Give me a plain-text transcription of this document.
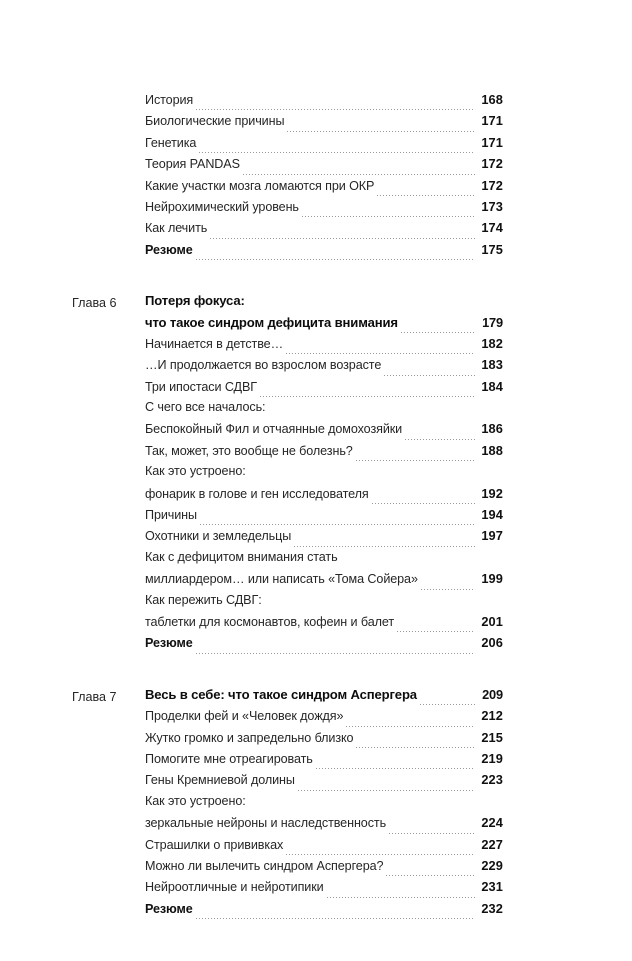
История	168
Биологические причины	171
Генетика	171
Теория PANDAS	172
Какие участки мозга ломаются при ОКР	172
Нейрохимический уровень	173
Как лечить	174
Резюме	175
Глава 6	Потеря фокуса:
что такое синдром дефицита внимания	179
Начинается в детстве…	182
…И продолжается во взрослом возрасте	183
Три ипостаси СДВГ	184
С чего все началось:
Беспокойный Фил и отчаянные домохозяйки	186
Так, может, это вообще не болезнь?	188
Как это устроено:
фонарик в голове и ген исследователя	192
Причины	194
Охотники и земледельцы	197
Как с дефицитом внимания стать
миллиардером… или написать «Тома Сойера»	199
Как пережить СДВГ:
таблетки для космонавтов, кофеин и балет	201
Резюме	206
Глава 7	Весь в себе: что такое синдром Аспергера	209
Проделки фей и «Человек дождя»	212
Жутко громко и запредельно близко	215
Помогите мне отреагировать	219
Гены Кремниевой долины	223
Как это устроено:
зеркальные нейроны и наследственность	224
Страшилки о прививках	227
Можно ли вылечить синдром Аспергера?	229
Нейроотличные и нейротипики	231
Резюме	232
